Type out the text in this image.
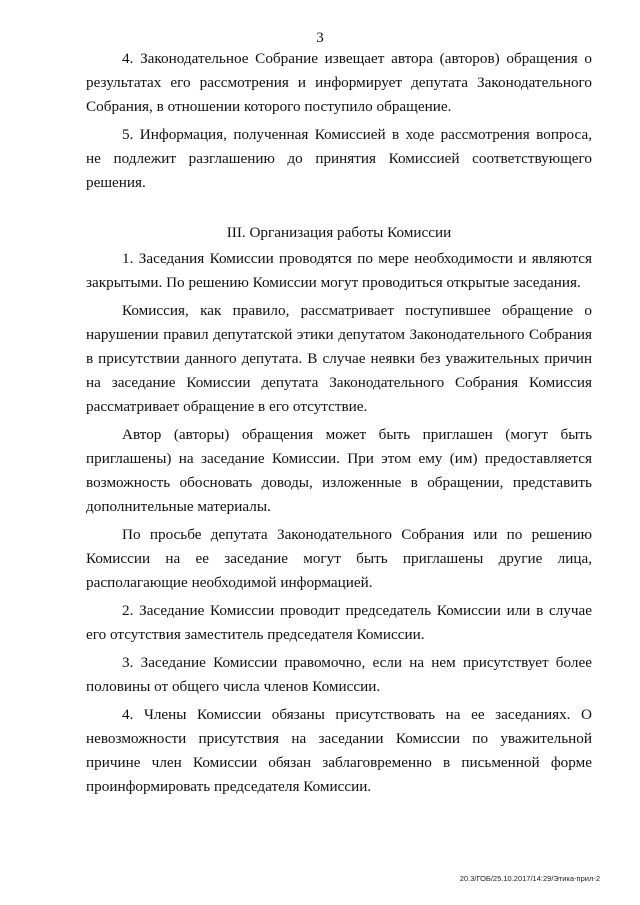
3

4. Законодательное Собрание извещает автора (авторов) обращения о результатах его рассмотрения и информирует депутата Законодательного Собрания, в отношении которого поступило обращение.

5. Информация, полученная Комиссией в ходе рассмотрения вопроса, не подлежит разглашению до принятия Комиссией соответствующего решения.

III. Организация работы Комиссии

1. Заседания Комиссии проводятся по мере необходимости и являются закрытыми. По решению Комиссии могут проводиться открытые заседания.

Комиссия, как правило, рассматривает поступившее обращение о нарушении правил депутатской этики депутатом Законодательного Собрания в присутствии данного депутата. В случае неявки без уважительных причин на заседание Комиссии депутата Законодательного Собрания Комиссия рассматривает обращение в его отсутствие.

Автор (авторы) обращения может быть приглашен (могут быть приглашены) на заседание Комиссии. При этом ему (им) предоставляется возможность обосновать доводы, изложенные в обращении, представить дополнительные материалы.

По просьбе депутата Законодательного Собрания или по решению Комиссии на ее заседание могут быть приглашены другие лица, располагающие необходимой информацией.

2. Заседание Комиссии проводит председатель Комиссии или в случае его отсутствия заместитель председателя Комиссии.

3. Заседание Комиссии правомочно, если на нем присутствует более половины от общего числа членов Комиссии.

4. Члены Комиссии обязаны присутствовать на ее заседаниях. О невозможности присутствия на заседании Комиссии по уважительной причине член Комиссии обязан заблаговременно в письменной форме проинформировать председателя Комиссии.

20.3/ГОБ/25.10.2017/14:29/Этика-прил-2
